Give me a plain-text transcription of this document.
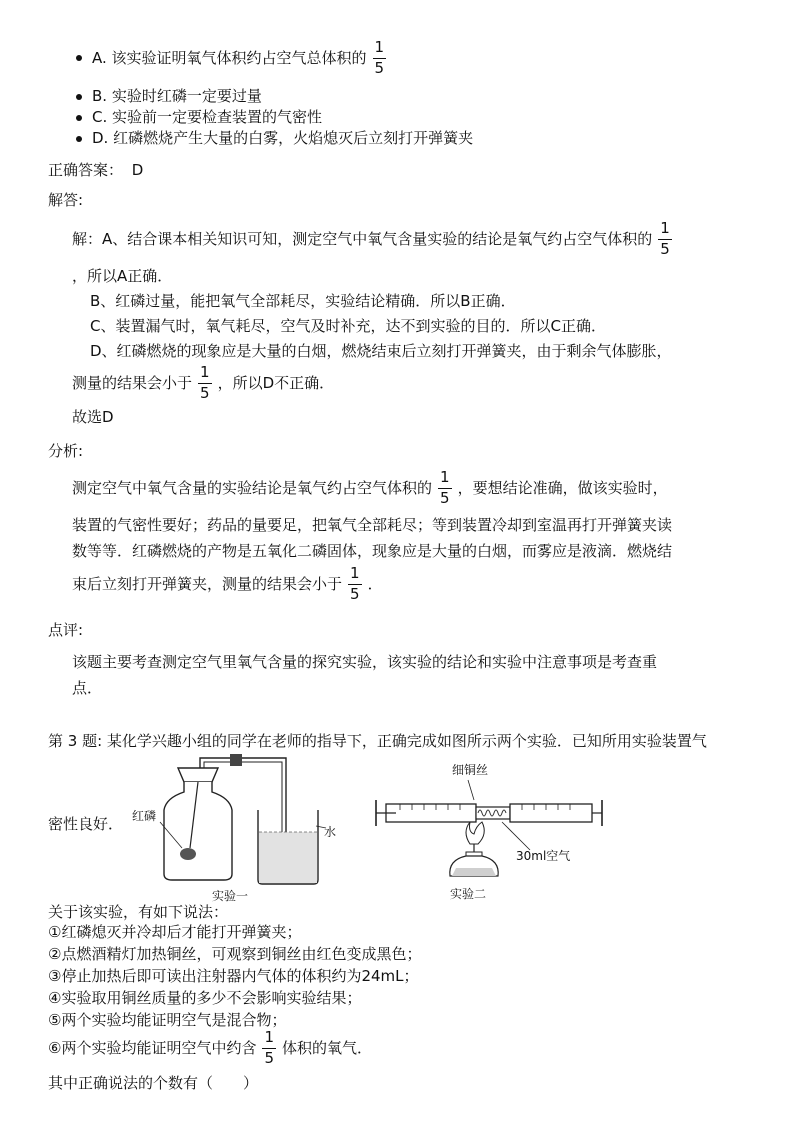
A. 该实验证明氧气体积约占空气总体积的 $\frac{1}{5}$
B. 实验时红磷一定要过量
C. 实验前一定要检查装置的气密性
D. 红磷燃烧产生大量的白雾，火焰熄灭后立刻打开弹簧夹
正确答案： D
解答:
解：A、结合课本相关知识可知，测定空气中氧气含量实验的结论是氧气约占空气体积的 $\frac{1}{5}$
，所以A正确．
B、红磷过量，能把氧气全部耗尽，实验结论精确．所以B正确．
C、装置漏气时，氧气耗尽，空气及时补充，达不到实验的目的．所以C正确．
D、红磷燃烧的现象应是大量的白烟，燃烧结束后立刻打开弹簧夹，由于剩余气体膨胀，
测量的结果会小于 $\frac{1}{5}$ ，所以D不正确．
故选D
分析:
测定空气中氧气含量的实验结论是氧气约占空气体积的 $\frac{1}{5}$ ，要想结论准确，做该实验时，
装置的气密性要好；药品的量要足，把氧气全部耗尽；等到装置冷却到室温再打开弹簧夹读
数等等．红磷燃烧的产物是五氧化二磷固体，现象应是大量的白烟，而雾应是液滴．燃烧结
束后立刻打开弹簧夹，测量的结果会小于 $\frac{1}{5}$ ．
点评:
该题主要考查测定空气里氧气含量的探究实验，该实验的结论和实验中注意事项是考查重
点．
第 3 题: 某化学兴趣小组的同学在老师的指导下，正确完成如图所示两个实验．已知所用实验装置气
密性良好． 红磷
水
实验一
细铜丝
30ml空气
实验二
关于该实验，有如下说法：
①红磷熄灭并冷却后才能打开弹簧夹；
②点燃酒精灯加热铜丝，可观察到铜丝由红色变成黑色；
③停止加热后即可读出注射器内气体的体积约为24mL；
④实验取用铜丝质量的多少不会影响实验结果；
⑤两个实验均能证明空气是混合物；
⑥两个实验均能证明空气中约含 $\frac{1}{5}$ 体积的氧气．
其中正确说法的个数有（　　）
